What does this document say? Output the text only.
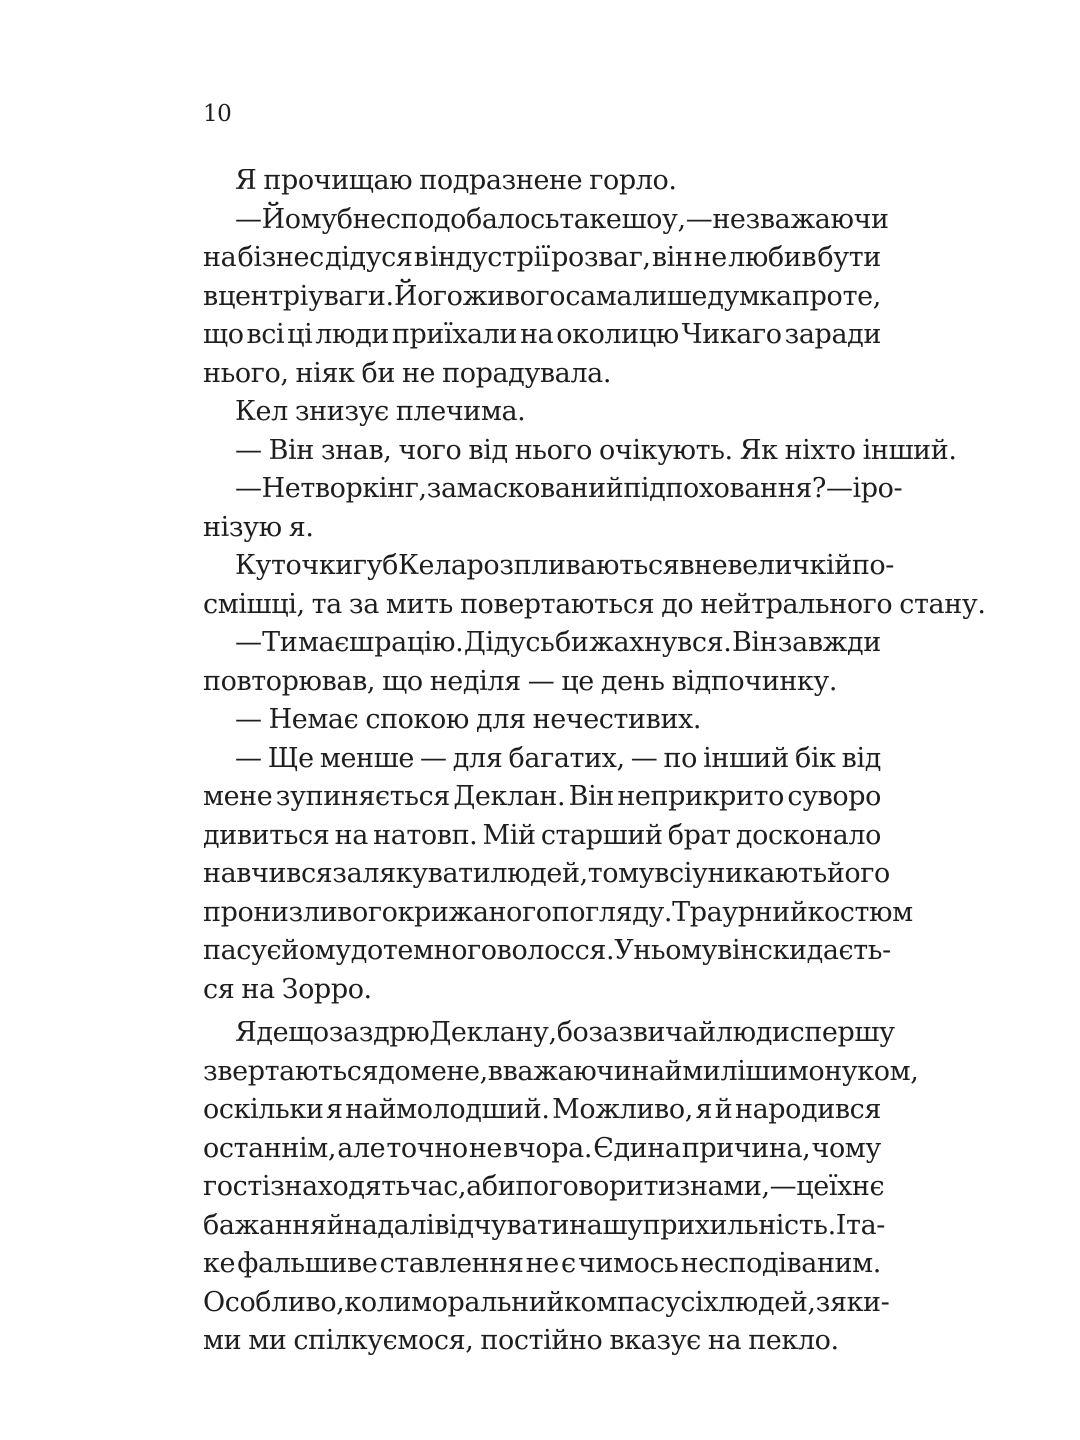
10
Я прочищаю подразнене горло.
— Йому б не сподобалось таке шоу, — незважаючи
на бізнес дідуся в індустрії розваг, він не любив бути
в центрі уваги. Його живого сама лише думка про те,
що всі ці люди приїхали на околицю Чикаго заради
нього, ніяк би не порадувала.
Кел знизує плечима.
— Він знав, чого від нього очікують. Як ніхто інший.
— Нетворкінг, замаскований під поховання? — іро-
нізую я.
Куточки губ Кела розпливаються в невеличкій по-
смішці, та за мить повертаються до нейтрального стану.
— Ти маєш рацію. Дідусь би жахнувся. Він завжди
повторював, що неділя — це день відпочинку.
— Немає спокою для нечестивих.
— Ще менше — для багатих, — по інший бік від
мене зупиняється Деклан. Він неприкрито суворо
дивиться на натовп. Мій старший брат досконало
навчився залякувати людей, тому всі уникають його
пронизливого крижаного погляду. Траурний костюм
пасує йому до темного волосся. У ньому він скидаєть-
ся на Зорро.
Я дещо заздрю Деклану, бо зазвичай люди спершу
звертаються до мене, вважаючи наймилішим онуком,
оскільки я наймолодший. Можливо, я й народився
останнім, але точно не вчора. Єдина причина, чому
гості знаходять час, аби поговорити з нами, — це їхнє
бажання й надалі відчувати нашу прихильність. І та-
ке фальшиве ставлення не є чимось несподіваним.
Особливо, коли моральний компас усіх людей, з яки-
ми ми спілкуємося, постійно вказує на пекло.
